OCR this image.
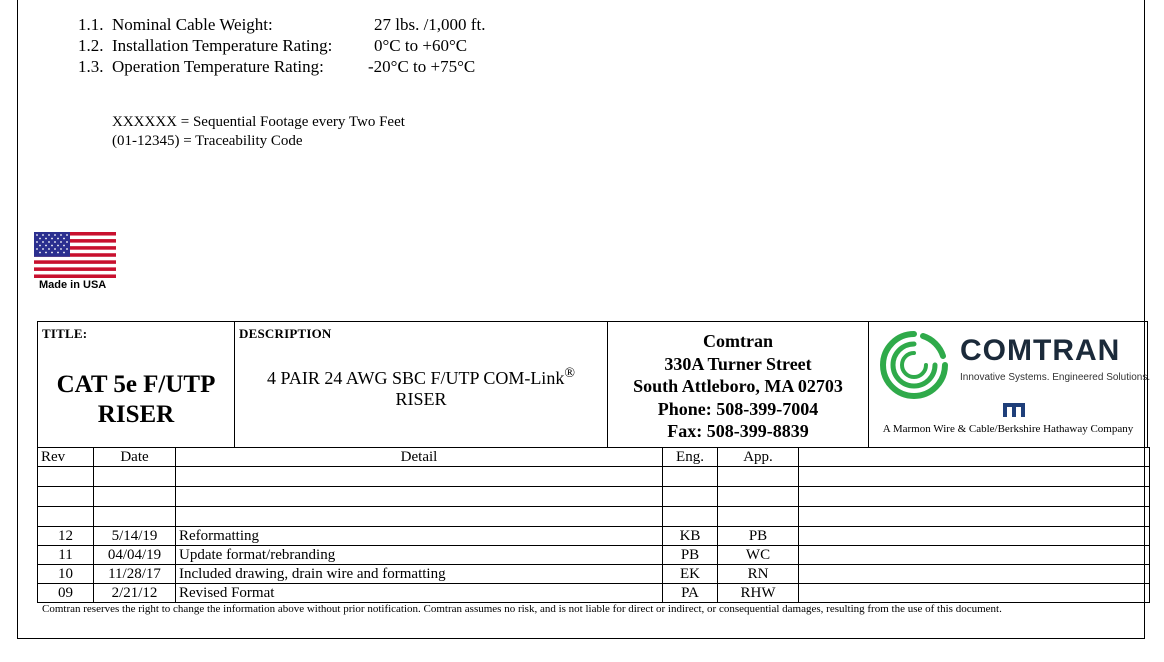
1.1. Nominal Cable Weight:	27 lbs. /1,000 ft.
1.2. Installation Temperature Rating:	0°C to +60°C
1.3. Operation Temperature Rating:	-20°C to +75°C
XXXXXX = Sequential Footage every Two Feet
(01-12345) = Traceability Code
Made in USA
TITLE:
CAT 5e F/UTP
RISER
DESCRIPTION
4 PAIR 24 AWG SBC F/UTP COM-Link®
RISER
Comtran
330A Turner Street
South Attleboro, MA 02703
Phone: 508-399-7004
Fax: 508-399-8839
COMTRAN
Innovative Systems. Engineered Solutions.
A Marmon Wire & Cable/Berkshire Hathaway Company
Rev	Date	Detail	Eng.	App.	

12	5/14/19	Reformatting	KB	PB	
11	04/04/19	Update format/rebranding	PB	WC	
10	11/28/17	Included drawing, drain wire and formatting	EK	RN	
09	2/21/12	Revised Format	PA	RHW	
Comtran reserves the right to change the information above without prior notification. Comtran assumes no risk, and is not liable for direct or indirect, or consequential damages, resulting from the use of this document.
